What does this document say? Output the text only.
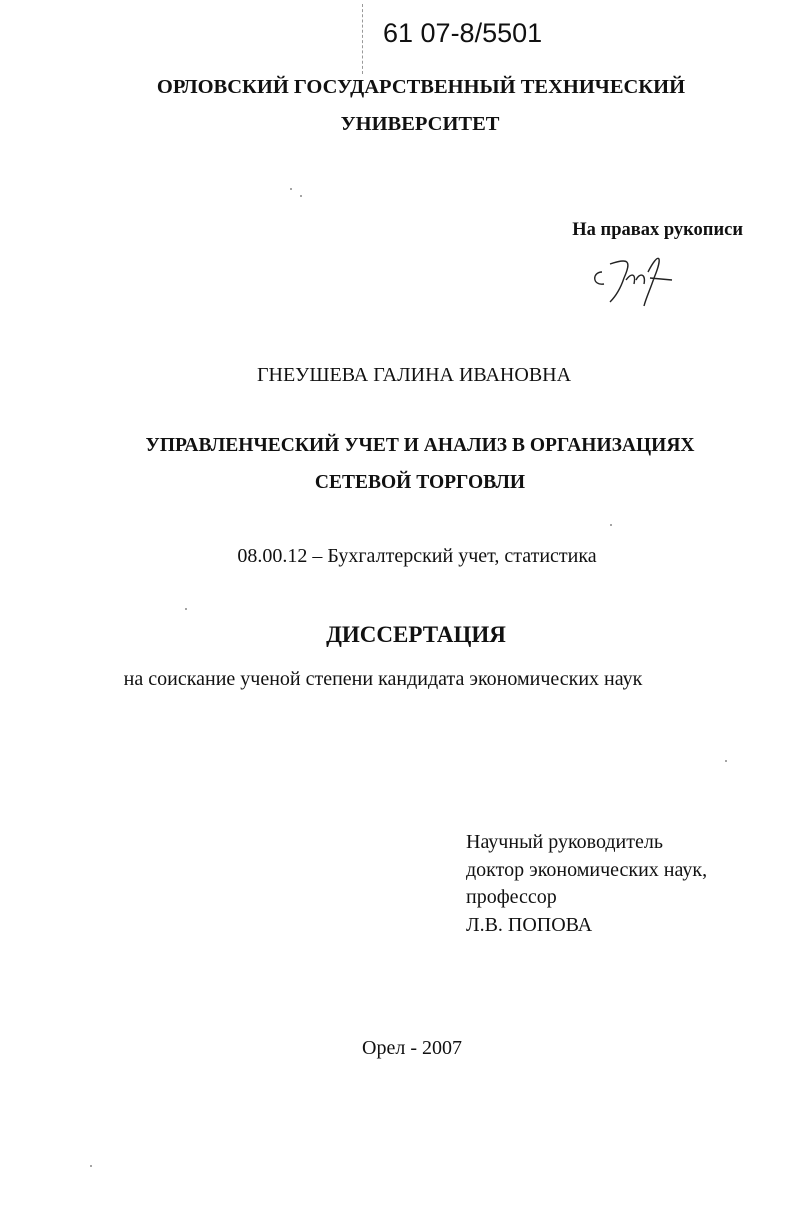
61 07-8/5501
ОРЛОВСКИЙ ГОСУДАРСТВЕННЫЙ ТЕХНИЧЕСКИЙ
УНИВЕРСИТЕТ
На правах рукописи
ГНЕУШЕВА ГАЛИНА ИВАНОВНА
УПРАВЛЕНЧЕСКИЙ УЧЕТ И АНАЛИЗ В ОРГАНИЗАЦИЯХ
СЕТЕВОЙ ТОРГОВЛИ
08.00.12 – Бухгалтерский учет, статистика
ДИССЕРТАЦИЯ
на соискание ученой степени кандидата экономических наук
Научный руководитель
доктор экономических наук,
профессор
Л.В. ПОПОВА
Орел - 2007
